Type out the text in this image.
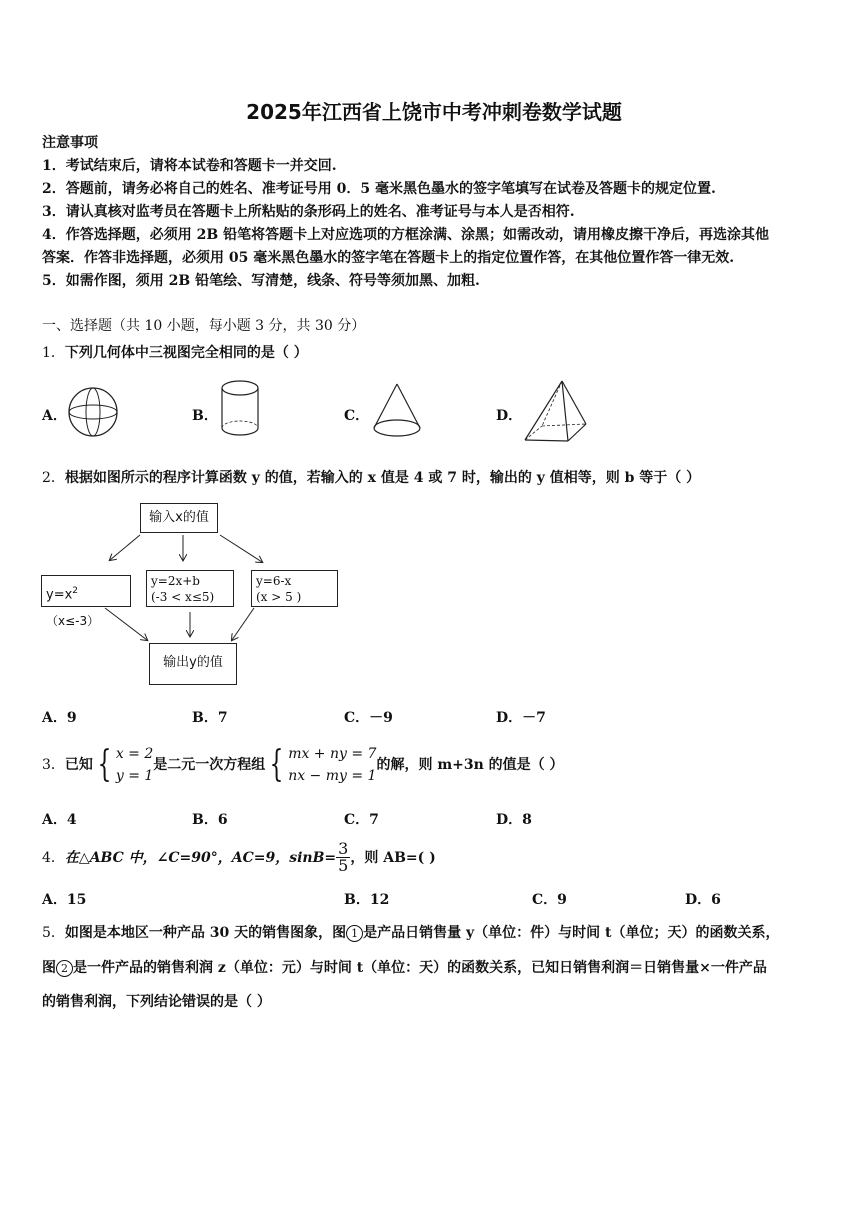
2025年江西省上饶市中考冲刺卷数学试题
注意事项
1．考试结束后，请将本试卷和答题卡一并交回.
2．答题前，请务必将自己的姓名、准考证号用 0．5 毫米黑色墨水的签字笔填写在试卷及答题卡的规定位置.
3．请认真核对监考员在答题卡上所粘贴的条形码上的姓名、准考证号与本人是否相符.
4．作答选择题，必须用 2B 铅笔将答题卡上对应选项的方框涂满、涂黑；如需改动，请用橡皮擦干净后，再选涂其他
答案．作答非选择题，必须用 05 毫米黑色墨水的签字笔在答题卡上的指定位置作答，在其他位置作答一律无效.
5．如需作图，须用 2B 铅笔绘、写清楚，线条、符号等须加黑、加粗.
一、选择题（共 10 小题，每小题 3 分，共 30 分）
1．下列几何体中三视图完全相同的是（ ）
A．	B．	C．	D．
2．根据如图所示的程序计算函数 y 的值，若输入的 x 值是 4 或 7 时，输出的 y 值相等，则 b 等于（ ）
输入x的值
$y=x^2(x\le-3)$
y=2x+b
(-3 < x≤5)
y=6-x
(x > 5 )
输出y的值
A．9	B．7	C．－9	D．－7
3．已知 { x = 2
y = 1
是二元一次方程组 { mx + ny = 7
nx − my = 1
的解，则 m+3n 的值是（ ）
A．4	B．6	C．7	D．8
4．在△ABC 中，∠C=90°，AC=9，$\sin B= \frac{3}{5}$ ，则 AB=( )
A．15	B．12	C．9	D．6
5．如图是本地区一种产品 30 天的销售图象，图 1 是产品日销售量 y（单位：件）与时间 t（单位；天）的函数关系，
图 2 是一件产品的销售利润 z（单位：元）与时间 t（单位：天）的函数关系，已知日销售利润＝日销售量×一件产品
的销售利润，下列结论错误的是（ ）
